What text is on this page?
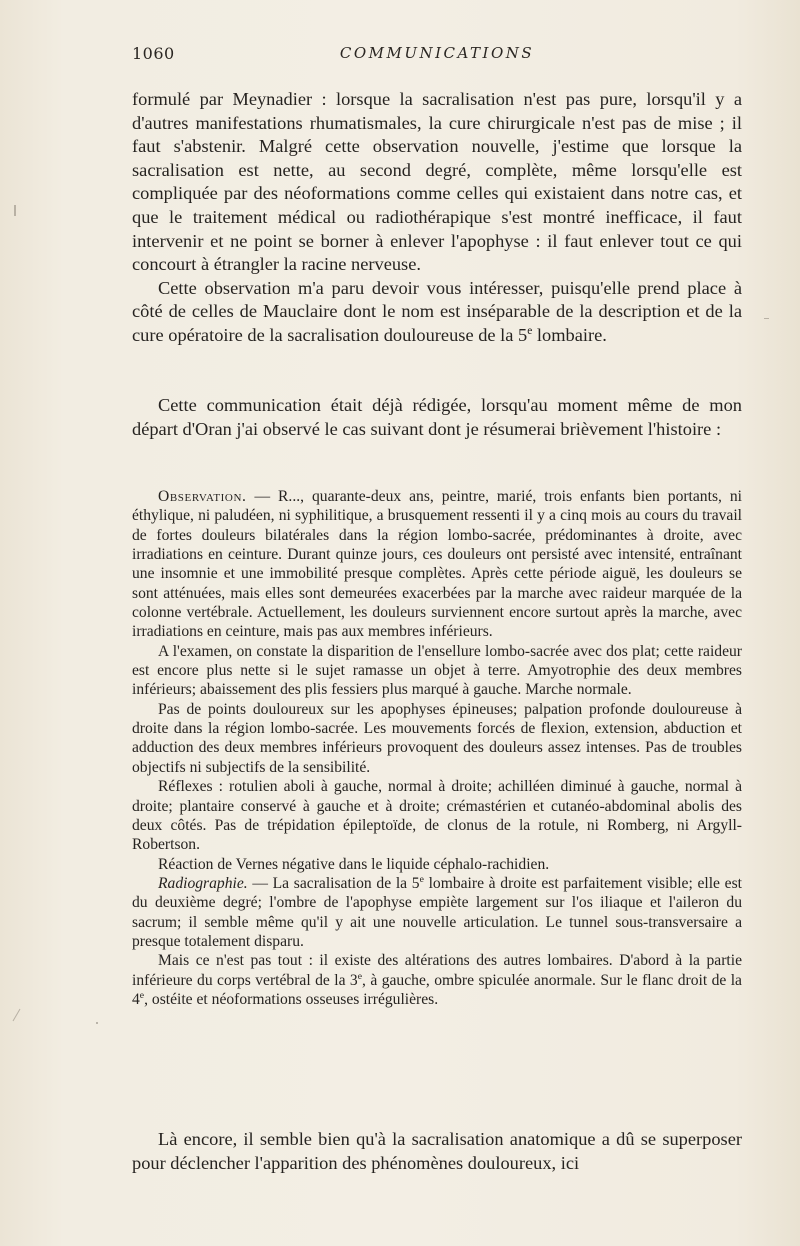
1060	COMMUNICATIONS

formulé par Meynadier : lorsque la sacralisation n'est pas pure, lorsqu'il y a d'autres manifestations rhumatismales, la cure chirurgicale n'est pas de mise ; il faut s'abstenir. Malgré cette observation nouvelle, j'estime que lorsque la sacralisation est nette, au second degré, complète, même lorsqu'elle est compliquée par des néoformations comme celles qui existaient dans notre cas, et que le traitement médical ou radiothérapique s'est montré inefficace, il faut intervenir et ne point se borner à enlever l'apophyse : il faut enlever tout ce qui concourt à étrangler la racine nerveuse.

Cette observation m'a paru devoir vous intéresser, puisqu'elle prend place à côté de celles de Mauclaire dont le nom est inséparable de la description et de la cure opératoire de la sacralisation douloureuse de la 5e lombaire.

Cette communication était déjà rédigée, lorsqu'au moment même de mon départ d'Oran j'ai observé le cas suivant dont je résumerai brièvement l'histoire :

Observation. — R..., quarante-deux ans, peintre, marié, trois enfants bien portants, ni éthylique, ni paludéen, ni syphilitique, a brusquement ressenti il y a cinq mois au cours du travail de fortes douleurs bilatérales dans la région lombo-sacrée, prédominantes à droite, avec irradiations en ceinture. Durant quinze jours, ces douleurs ont persisté avec intensité, entraînant une insomnie et une immobilité presque complètes. Après cette période aiguë, les douleurs se sont atténuées, mais elles sont demeurées exacerbées par la marche avec raideur marquée de la colonne vertébrale. Actuellement, les douleurs surviennent encore surtout après la marche, avec irradiations en ceinture, mais pas aux membres inférieurs.

A l'examen, on constate la disparition de l'ensellure lombo-sacrée avec dos plat; cette raideur est encore plus nette si le sujet ramasse un objet à terre. Amyotrophie des deux membres inférieurs; abaissement des plis fessiers plus marqué à gauche. Marche normale.

Pas de points douloureux sur les apophyses épineuses; palpation profonde douloureuse à droite dans la région lombo-sacrée. Les mouvements forcés de flexion, extension, abduction et adduction des deux membres inférieurs provoquent des douleurs assez intenses. Pas de troubles objectifs ni subjectifs de la sensibilité.

Réflexes : rotulien aboli à gauche, normal à droite; achilléen diminué à gauche, normal à droite; plantaire conservé à gauche et à droite; crémastérien et cutanéo-abdominal abolis des deux côtés. Pas de trépidation épileptoïde, de clonus de la rotule, ni Romberg, ni Argyll-Robertson.

Réaction de Vernes négative dans le liquide céphalo-rachidien.

Radiographie. — La sacralisation de la 5e lombaire à droite est parfaitement visible; elle est du deuxième degré; l'ombre de l'apophyse empiète largement sur l'os iliaque et l'aileron du sacrum; il semble même qu'il y ait une nouvelle articulation. Le tunnel sous-transversaire a presque totalement disparu.

Mais ce n'est pas tout : il existe des altérations des autres lombaires. D'abord à la partie inférieure du corps vertébral de la 3e, à gauche, ombre spiculée anormale. Sur le flanc droit de la 4e, ostéite et néoformations osseuses irrégulières.

Là encore, il semble bien qu'à la sacralisation anatomique a dû se superposer pour déclencher l'apparition des phénomènes douloureux, ici
